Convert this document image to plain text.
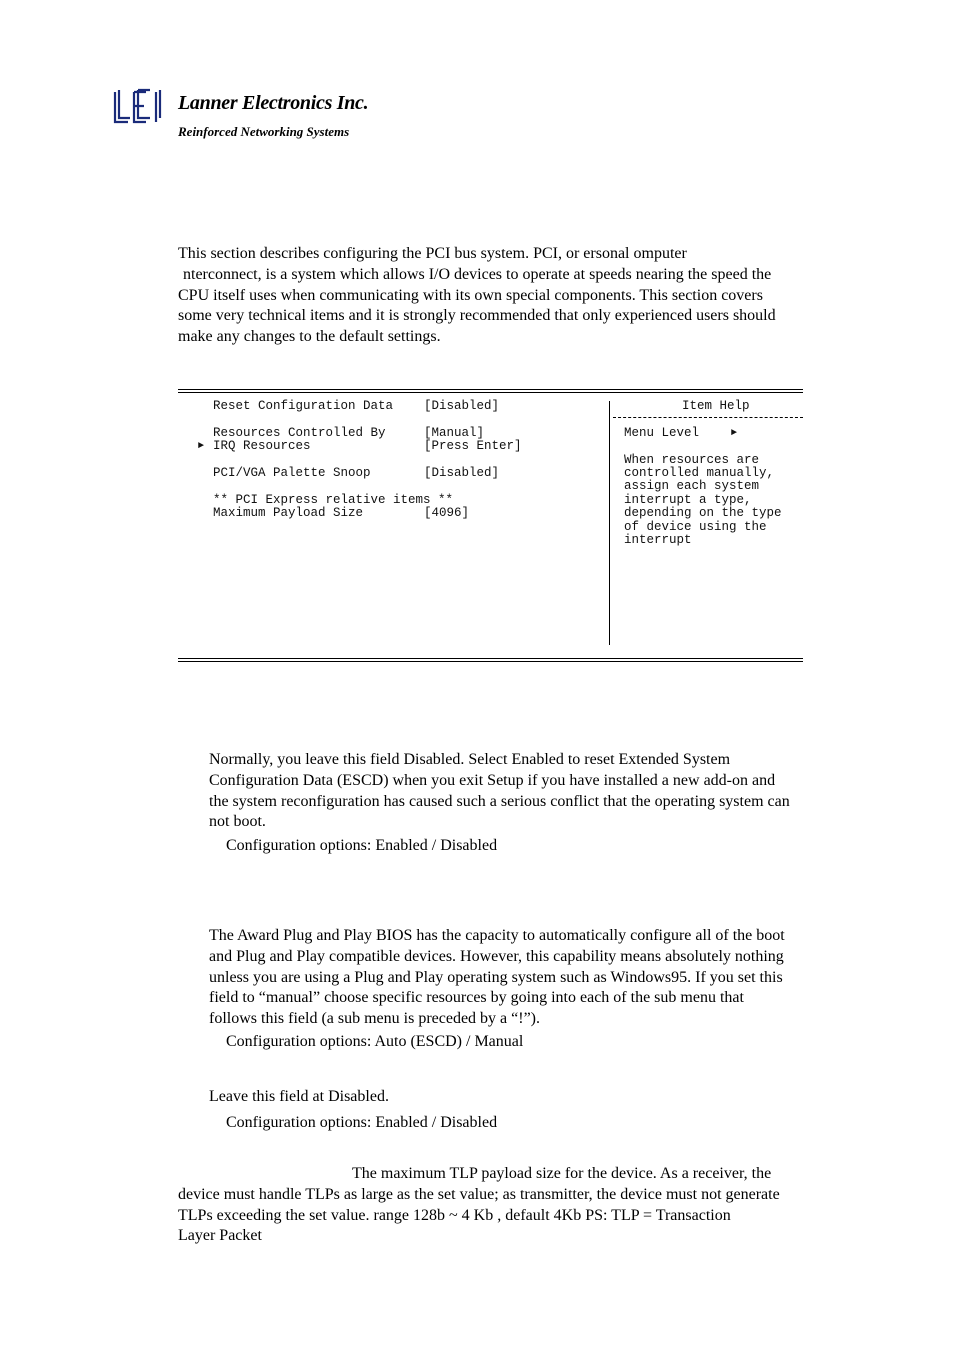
Lanner Electronics Inc.
Reinforced Networking Systems
This section describes configuring the PCI bus system. PCI, or ersonal omputer
nterconnect, is a system which allows I/O devices to operate at speeds nearing the speed the
CPU itself uses when communicating with its own special components. This section covers
some very technical items and it is strongly recommended that only experienced users should
make any changes to the default settings.
Reset Configuration Data [Disabled]
Resources Controlled By	[Manual]
► IRQ Resources	[Press Enter]
PCI/VGA Palette Snoop	[Disabled]
** PCI Express relative items **
Maximum Payload Size	[4096]
Item Help
Menu Level	►
When resources are
controlled manually,
assign each system
interrupt a type,
depending on the type
of device using the
interrupt
Normally, you leave this field Disabled. Select Enabled to reset Extended System
Configuration Data (ESCD) when you exit Setup if you have installed a new add-on and
the system reconfiguration has caused such a serious conflict that the operating system can
not boot.
Configuration options: Enabled / Disabled
The Award Plug and Play BIOS has the capacity to automatically configure all of the boot
and Plug and Play compatible devices. However, this capability means absolutely nothing
unless you are using a Plug and Play operating system such as Windows95. If you set this
field to “manual” choose specific resources by going into each of the sub menu that
follows this field (a sub menu is preceded by a “!”).
Configuration options: Auto (ESCD) / Manual
Leave this field at Disabled.
Configuration options: Enabled / Disabled
The maximum TLP payload size for the device. As a receiver, the
device must handle TLPs as large as the set value; as transmitter, the device must not generate
TLPs exceeding the set value. range 128b ~ 4 Kb , default 4Kb PS: TLP = Transaction
Layer Packet
